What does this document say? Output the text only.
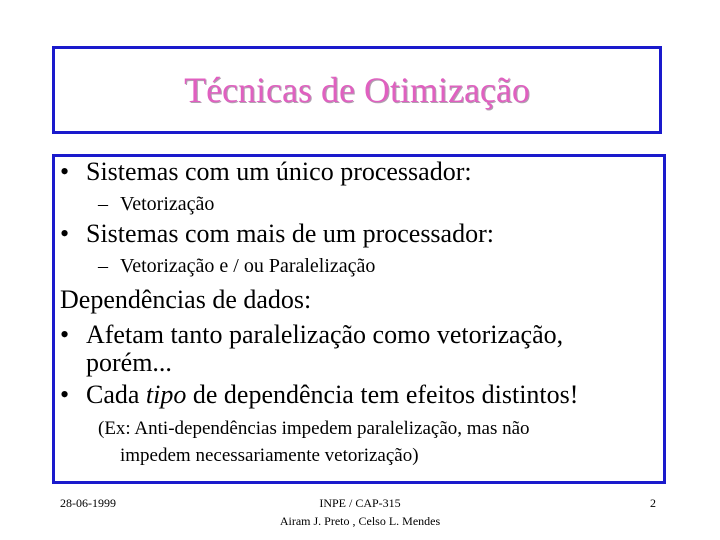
Técnicas de Otimização
• Sistemas com um único processador:
– Vetorização
• Sistemas com mais de um processador:
– Vetorização e / ou Paralelização
Dependências de dados:
• Afetam tanto paralelização como vetorização,
porém...
• Cada tipo de dependência tem efeitos distintos!
(Ex: Anti-dependências impedem paralelização, mas não
impedem necessariamente vetorização)
28-06-1999	INPE / CAP-315
Airam J. Preto , Celso L. Mendes
2
